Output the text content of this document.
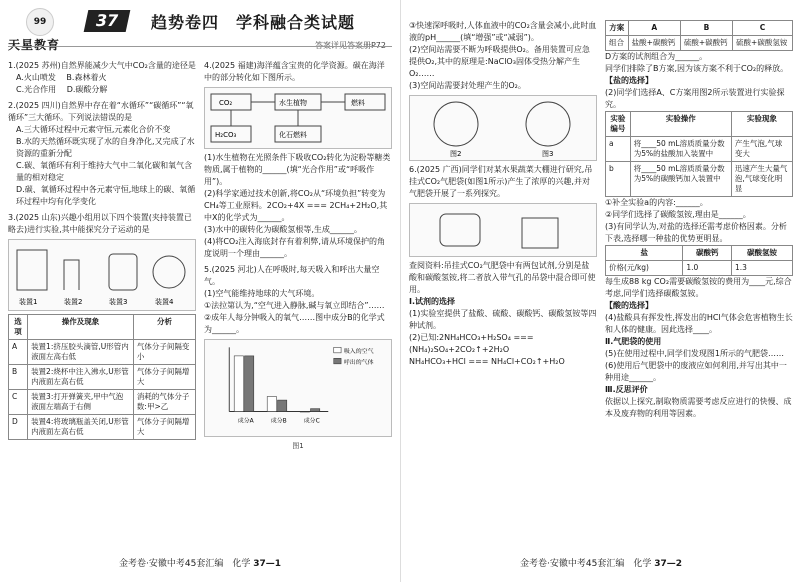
99
天星教育
37	趋势卷四　学科融合类试题
答案详见答案册P72
1.(2025 苏州)自然界能减少大气中CO₂含量的途径是
A.火山喷发　 B.森林着火
C.光合作用　 D.碳酸分解
2.(2025 四川)自然界中存在着“水循环”“碳循环”“氧循环”三大循环。下列说法错误的是
A.三大循环过程中元素守恒,元素化合价不变
B.水的天然循环既实现了水的自身净化,又完成了水资源的重新分配
C.碳、氧循环有利于维持大气中二氧化碳和氧气含量的相对稳定
D.碳、氧循环过程中各元素守恒,地球上的碳、氧循环过程中均有化学变化
3.(2025 山东)兴趣小组用以下四个装置(夹持装置已略去)进行实验,其中能探究分子运动的是
装置1	装置2	装置3	装置4
选项	操作及现象	分析
A	装置1:挤压胶头滴管,U形管内液面左高右低	气体分子间隔变小
B	装置2:烧杯中注入沸水,U形管内液面左高右低	气体分子间隔增大
C	装置3:打开弹簧夹,甲中气泡液面左端高于右侧	消耗的气体分子数:甲>乙
D	装置4:将玻璃瓶盖关闭,U形管内液面左高右低	气体分子间隔增大
4.(2025 福建)海洋蕴含宝贵的化学资源。碳在海洋中的部分转化如下图所示。
CO₂	水生植物	燃料
H₂CO₃	化石燃料
(1)水生植物在光照条件下吸收CO₂转化为淀粉等糖类物质,属于植物的______(填“光合作用”或“呼吸作用”)。
(2)科学家通过技术创新,将CO₂从“环境负担”转变为CH₄等工业原料。2CO₂+4X === 2CH₄+2H₂O,其中X的化学式为______。
(3)水中的碳转化为碳酸氢根等,生成______。
(4)将CO₂注入海底封存有着利弊,请从环境保护的角度说明一个理由______。
5.(2025 河北)人在呼吸时,每天吸入和呼出大量空气。
(1)空气能维持地球的大气环境。
①法拉第认为,“空气进入静脉,碱与氧立即结合”……
②成年人每分钟吸入的氧气……图中成分B的化学式为______。
成分A	成分B	成分C
吸入的空气
呼出的气体
图1
金考卷·安徽中考45套汇编　化学 37—1
③快速深呼吸时,人体血液中的CO₂含量会减小,此时血液的pH______(填“增强”或“减弱”)。
(2)空间站需要不断为呼吸提供O₂。备用装置可应急提供O₂,其中的原理是:NaClO₃固体受热分解产生O₂……
(3)空间站需要封处理产生的O₂。
图2	图3
6.(2025 广西)同学们对某水果蔬菜大棚进行研究,吊挂式CO₂气肥袋(如图1所示)产生了浓厚的兴趣,并对气肥袋开展了一系列探究。
查阅资料:吊挂式CO₂气肥袋中有两包试剂,分别是盐酸和碳酸氢铵,将二者放入带气孔的吊袋中混合即可使用。
Ⅰ.试剂的选择
(1)实验室提供了盐酸、硫酸、碳酸钙、碳酸氢铵等四种试剂。
(2)已知:2NH₄HCO₃+H₂SO₄ === (NH₄)₂SO₄+2CO₂↑+2H₂O
NH₄HCO₃+HCl === NH₄Cl+CO₂↑+H₂O
方案	A	B	C
组合	盐酸+碳酸钙	硫酸+碳酸钙	硫酸+碳酸氢铵
D方案的试剂组合为______。
同学们排除了B方案,因为该方案不利于CO₂的释放。
【盐的选择】
(2)同学们选择A、C方案用图2所示装置进行实验探究。
实验编号	实验操作	实验现象
a	将____50 mL溶质质量分数为5%的盐酸加入装置中	产生气泡,气球变大
b	将____50 mL溶质质量分数为5%的碳酸钙加入装置中	迅速产生大量气泡,气球变化明显
①补全实验a的内容:______。
②同学们选择了碳酸氢铵,理由是______。
(3)有同学认为,对盐的选择还需考虑价格因素。分析下表,选择哪一种盐的优势更明显。
盐	碳酸钙	碳酸氢铵
价格(元/kg)	1.0	1.3
每生成88 kg CO₂需要碳酸氢铵的费用为____元,综合考虑,同学们选择碳酸氢铵。
【酸的选择】
(4)盐酸具有挥发性,挥发出的HCl气体会危害植物生长和人体的健康。因此选择____。
Ⅱ.气肥袋的使用
(5)在使用过程中,同学们发现图1所示的气肥袋……
(6)使用后气肥袋中的废液应如何利用,并写出其中一种用途______。
Ⅲ.反思评价
依据以上探究,制取物质需要考虑反应进行的快慢、成本及废弃物的利用等因素。
金考卷·安徽中考45套汇编　化学 37—2
